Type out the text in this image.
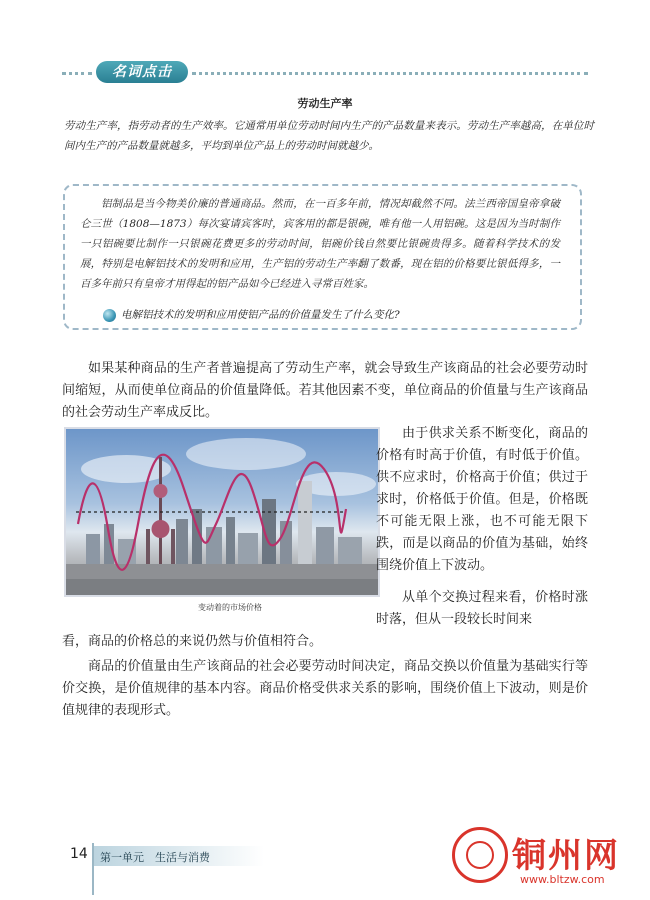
名词点击
劳动生产率
劳动生产率，指劳动者的生产效率。它通常用单位劳动时间内生产的产品数量来表示。劳动生产率越高，在单位时间内生产的产品数量就越多，平均到单位产品上的劳动时间就越少。
铝制品是当今物美价廉的普通商品。然而，在一百多年前，情况却截然不同。法兰西帝国皇帝拿破仑三世（1808—1873）每次宴请宾客时，宾客用的都是银碗，唯有他一人用铝碗。这是因为当时制作一只铝碗要比制作一只银碗花费更多的劳动时间，铝碗价钱自然要比银碗贵得多。随着科学技术的发展，特别是电解铝技术的发明和应用，生产铝的劳动生产率翻了数番，现在铝的价格要比银低得多，一百多年前只有皇帝才用得起的铝产品如今已经进入寻常百姓家。
电解铝技术的发明和应用使铝产品的价值量发生了什么变化?
如果某种商品的生产者普遍提高了劳动生产率，就会导致生产该商品的社会必要劳动时间缩短，从而使单位商品的价值量降低。若其他因素不变，单位商品的价值量与生产该商品的社会劳动生产率成反比。
变动着的市场价格
由于供求关系不断变化，商品的价格有时高于价值，有时低于价值。供不应求时，价格高于价值；供过于求时，价格低于价值。但是，价格既不可能无限上涨，也不可能无限下跌，而是以商品的价值为基础，始终围绕价值上下波动。
从单个交换过程来看，价格时涨时落，但从一段较长时间来
看，商品的价格总的来说仍然与价值相符合。
商品的价值量由生产该商品的社会必要劳动时间决定，商品交换以价值量为基础实行等价交换，是价值规律的基本内容。商品价格受供求关系的影响，围绕价值上下波动，则是价值规律的表现形式。
14 第一单元　生活与消费	铜州网
www.bltzw.com
